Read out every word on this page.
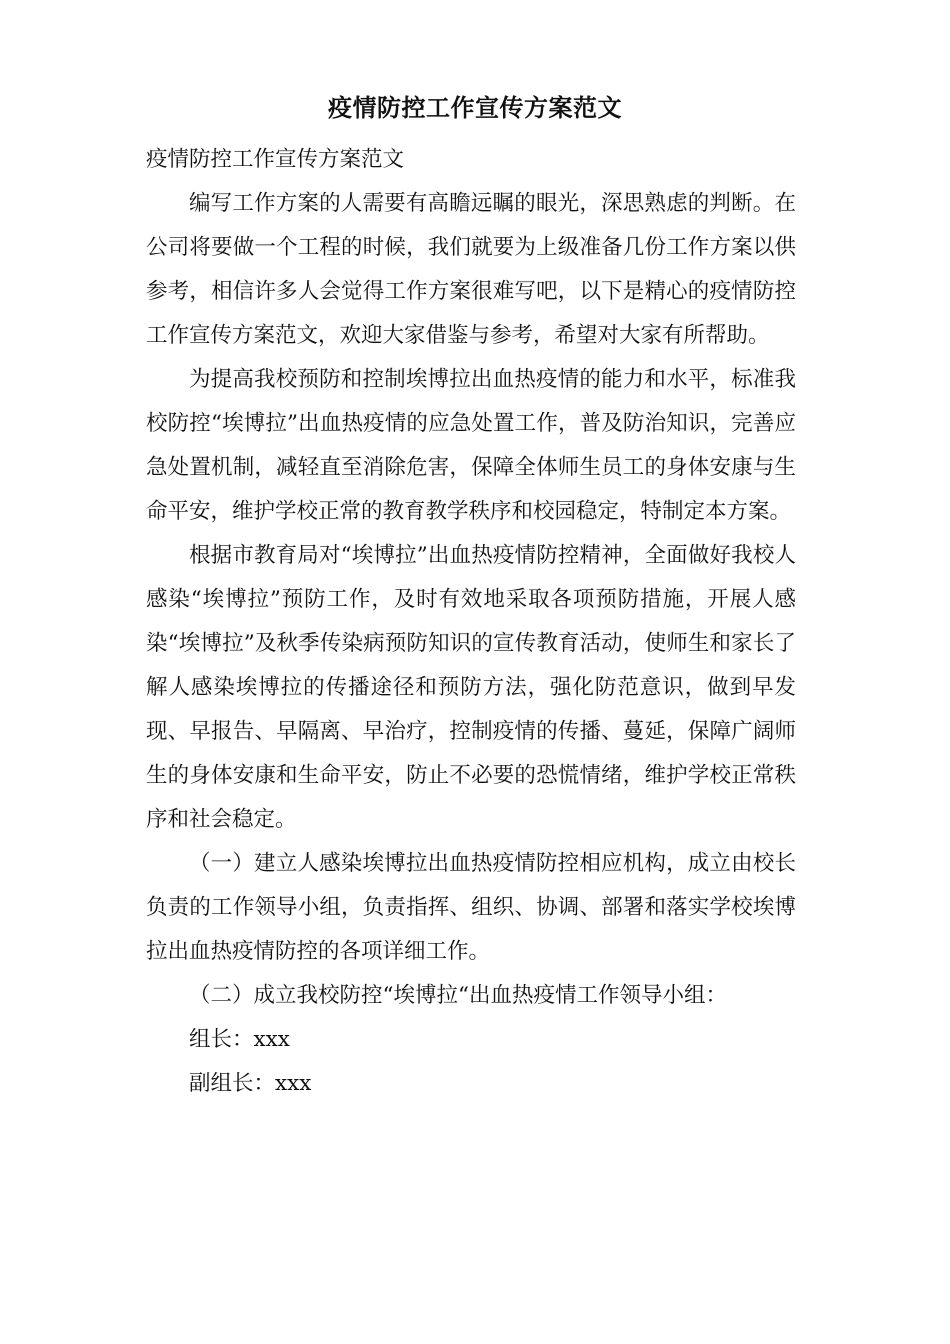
疫情防控工作宣传方案范文

疫情防控工作宣传方案范文

编写工作方案的人需要有高瞻远瞩的眼光，深思熟虑的判断。在公司将要做一个工程的时候，我们就要为上级准备几份工作方案以供参考，相信许多人会觉得工作方案很难写吧，以下是精心的疫情防控工作宣传方案范文，欢迎大家借鉴与参考，希望对大家有所帮助。

为提高我校预防和控制埃博拉出血热疫情的能力和水平，标准我校防控“埃博拉”出血热疫情的应急处置工作，普及防治知识，完善应急处置机制，减轻直至消除危害，保障全体师生员工的身体安康与生命平安，维护学校正常的教育教学秩序和校园稳定，特制定本方案。

根据市教育局对“埃博拉”出血热疫情防控精神，全面做好我校人感染“埃博拉”预防工作，及时有效地采取各项预防措施，开展人感染“埃博拉”及秋季传染病预防知识的宣传教育活动，使师生和家长了解人感染埃博拉的传播途径和预防方法，强化防范意识，做到早发现、早报告、早隔离、早治疗，控制疫情的传播、蔓延，保障广阔师生的身体安康和生命平安，防止不必要的恐慌情绪，维护学校正常秩序和社会稳定。

（一）建立人感染埃博拉出血热疫情防控相应机构，成立由校长负责的工作领导小组，负责指挥、组织、协调、部署和落实学校埃博拉出血热疫情防控的各项详细工作。

（二）成立我校防控“埃博拉“出血热疫情工作领导小组：

组长：xxx

副组长：xxx
